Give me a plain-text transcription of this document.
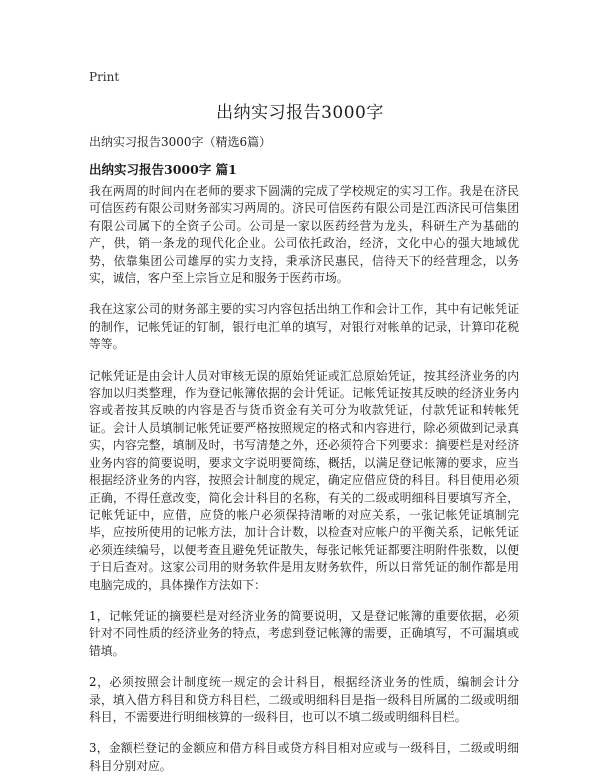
Print
出纳实习报告3000字
出纳实习报告3000字（精选6篇）
出纳实习报告3000字 篇1

我在两周的时间内在老师的要求下圆满的完成了学校规定的实习工作。我是在济民可信医药有限公司财务部实习两周的。济民可信医药有限公司是江西济民可信集团有限公司属下的全资子公司。公司是一家以医药经营为龙头，科研生产为基础的产，供，销一条龙的现代化企业。公司依托政治，经济，文化中心的强大地域优势，依靠集团公司雄厚的实力支持，秉承济民惠民，信待天下的经营理念，以务实，诚信，客户至上宗旨立足和服务于医药市场。

我在这家公司的财务部主要的实习内容包括出纳工作和会计工作，其中有记帐凭证的制作，记帐凭证的钉制，银行电汇单的填写，对银行对帐单的记录，计算印花税等等。

记帐凭证是由会计人员对审核无误的原始凭证或汇总原始凭证，按其经济业务的内容加以归类整理，作为登记帐簿依据的会计凭证。记帐凭证按其反映的经济业务内容或者按其反映的内容是否与货币资金有关可分为收款凭证，付款凭证和转帐凭证。会计人员填制记帐凭证要严格按照规定的格式和内容进行，除必须做到记录真实，内容完整，填制及时，书写清楚之外，还必须符合下列要求：摘要栏是对经济业务内容的简要说明，要求文字说明要简练，概括，以满足登记帐簿的要求，应当根据经济业务的内容，按照会计制度的规定，确定应借应贷的科目。科目使用必须正确，不得任意改变，简化会计科目的名称，有关的二级或明细科目要填写齐全，记帐凭证中，应借，应贷的帐户必须保持清晰的对应关系，一张记帐凭证填制完毕，应按所使用的记帐方法，加计合计数，以检查对应帐户的平衡关系，记帐凭证必须连续编号，以便考查且避免凭证散失，每张记帐凭证都要注明附件张数，以便于日后查对。这家公司用的财务软件是用友财务软件，所以日常凭证的制作都是用电脑完成的，具体操作方法如下：

1，记帐凭证的摘要栏是对经济业务的简要说明，又是登记帐簿的重要依据，必须针对不同性质的经济业务的特点，考虑到登记帐簿的需要，正确填写，不可漏填或错填。

2，必须按照会计制度统一规定的会计科目，根据经济业务的性质，编制会计分录，填入借方科目和贷方科目栏，二级或明细科目是指一级科目所属的二级或明细科目，不需要进行明细核算的一级科目，也可以不填二级或明细科目栏。

3，金额栏登记的金额应和借方科目或贷方科目相对应或与一级科目，二级或明细科目分别对应。
